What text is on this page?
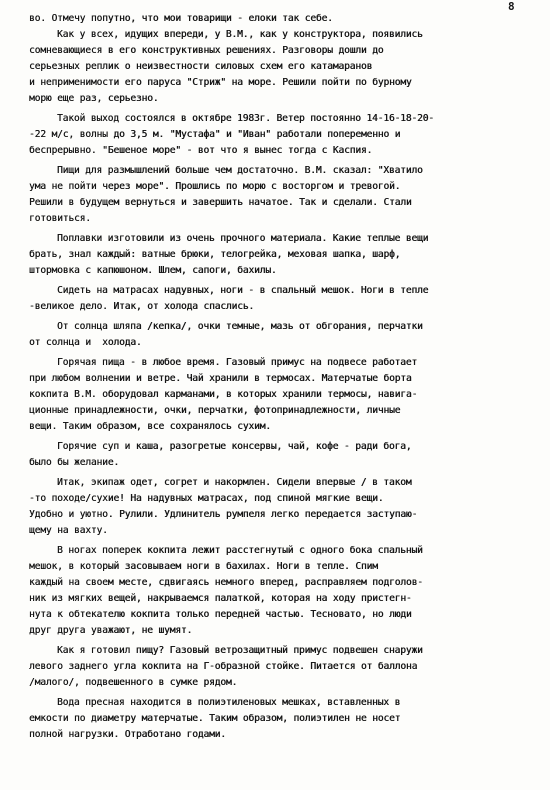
8
во. Отмечу попутно, что мои товарищи - елоки так себе.
Как у всех, идущих впереди, у В.М., как у конструктора, появились
сомневающиеся в его конструктивных решениях. Разговоры дошли до
серьезных реплик о неизвестности силовых схем его катамаранов
и неприменимости его паруса "Стриж" на море. Решили пойти по бурному
морю еще раз, серьезно.
Такой выход состоялся в октябре 1983г. Ветер постоянно 14-16-18-20-
-22 м/с, волны до 3,5 м. "Мустафа" и "Иван" работали попеременно и
беспрерывно. "Бешеное море" - вот что я вынес тогда с Каспия.
Пищи для размышлений больше чем достаточно. В.М. сказал: "Хватило
ума не пойти через море". Прошлись по морю с восторгом и тревогой.
Решили в будущем вернуться и завершить начатое. Так и сделали. Стали
готовиться.
Поплавки изготовили из очень прочного материала. Какие теплые вещи
брать, знал каждый: ватные брюки, телогрейка, меховая шапка, шарф,
штормовка с капюшоном. Шлем, сапоги, бахилы.
Сидеть на матрасах надувных, ноги - в спальный мешок. Ноги в тепле
-великое дело. Итак, от холода спаслись.
От солнца шляпа /кепка/, очки темные, мазь от обгорания, перчатки
от солнца и  холода.
Горячая пища - в любое время. Газовый примус на подвесе работает
при любом волнении и ветре. Чай хранили в термосах. Матерчатые борта
кокпита В.М. оборудовал карманами, в которых хранили термосы, навига-
ционные принадлежности, очки, перчатки, фотопринадлежности, личные
вещи. Таким образом, все сохранялось сухим.
Горячие суп и каша, разогретые консервы, чай, кофе - ради бога,
было бы желание.
Итак, экипаж одет, согрет и накормлен. Сидели впервые / в таком
-то походе/сухие! На надувных матрасах, под спиной мягкие вещи.
Удобно и уютно. Рулили. Удлинитель румпеля легко передается заступаю-
щему на вахту.
В ногах поперек кокпита лежит расстегнутый с одного бока спальный
мешок, в который засовываем ноги в бахилах. Ноги в тепле. Спим
каждый на своем месте, сдвигаясь немного вперед, расправляем подголов-
ник из мягких вещей, накрываемся палаткой, которая на ходу пристегн-
нута к обтекателю кокпита только передней частью. Тесновато, но люди
друг друга уважают, не шумят.
Как я готовил пищу? Газовый ветрозащитный примус подвешен снаружи
левого заднего угла кокпита на Г-образной стойке. Питается от баллона
/малого/, подвешенного в сумке рядом.
Вода пресная находится в полиэтиленовых мешках, вставленных в
емкости по диаметру матерчатые. Таким образом, полиэтилен не носет
полной нагрузки. Отработано годами.
